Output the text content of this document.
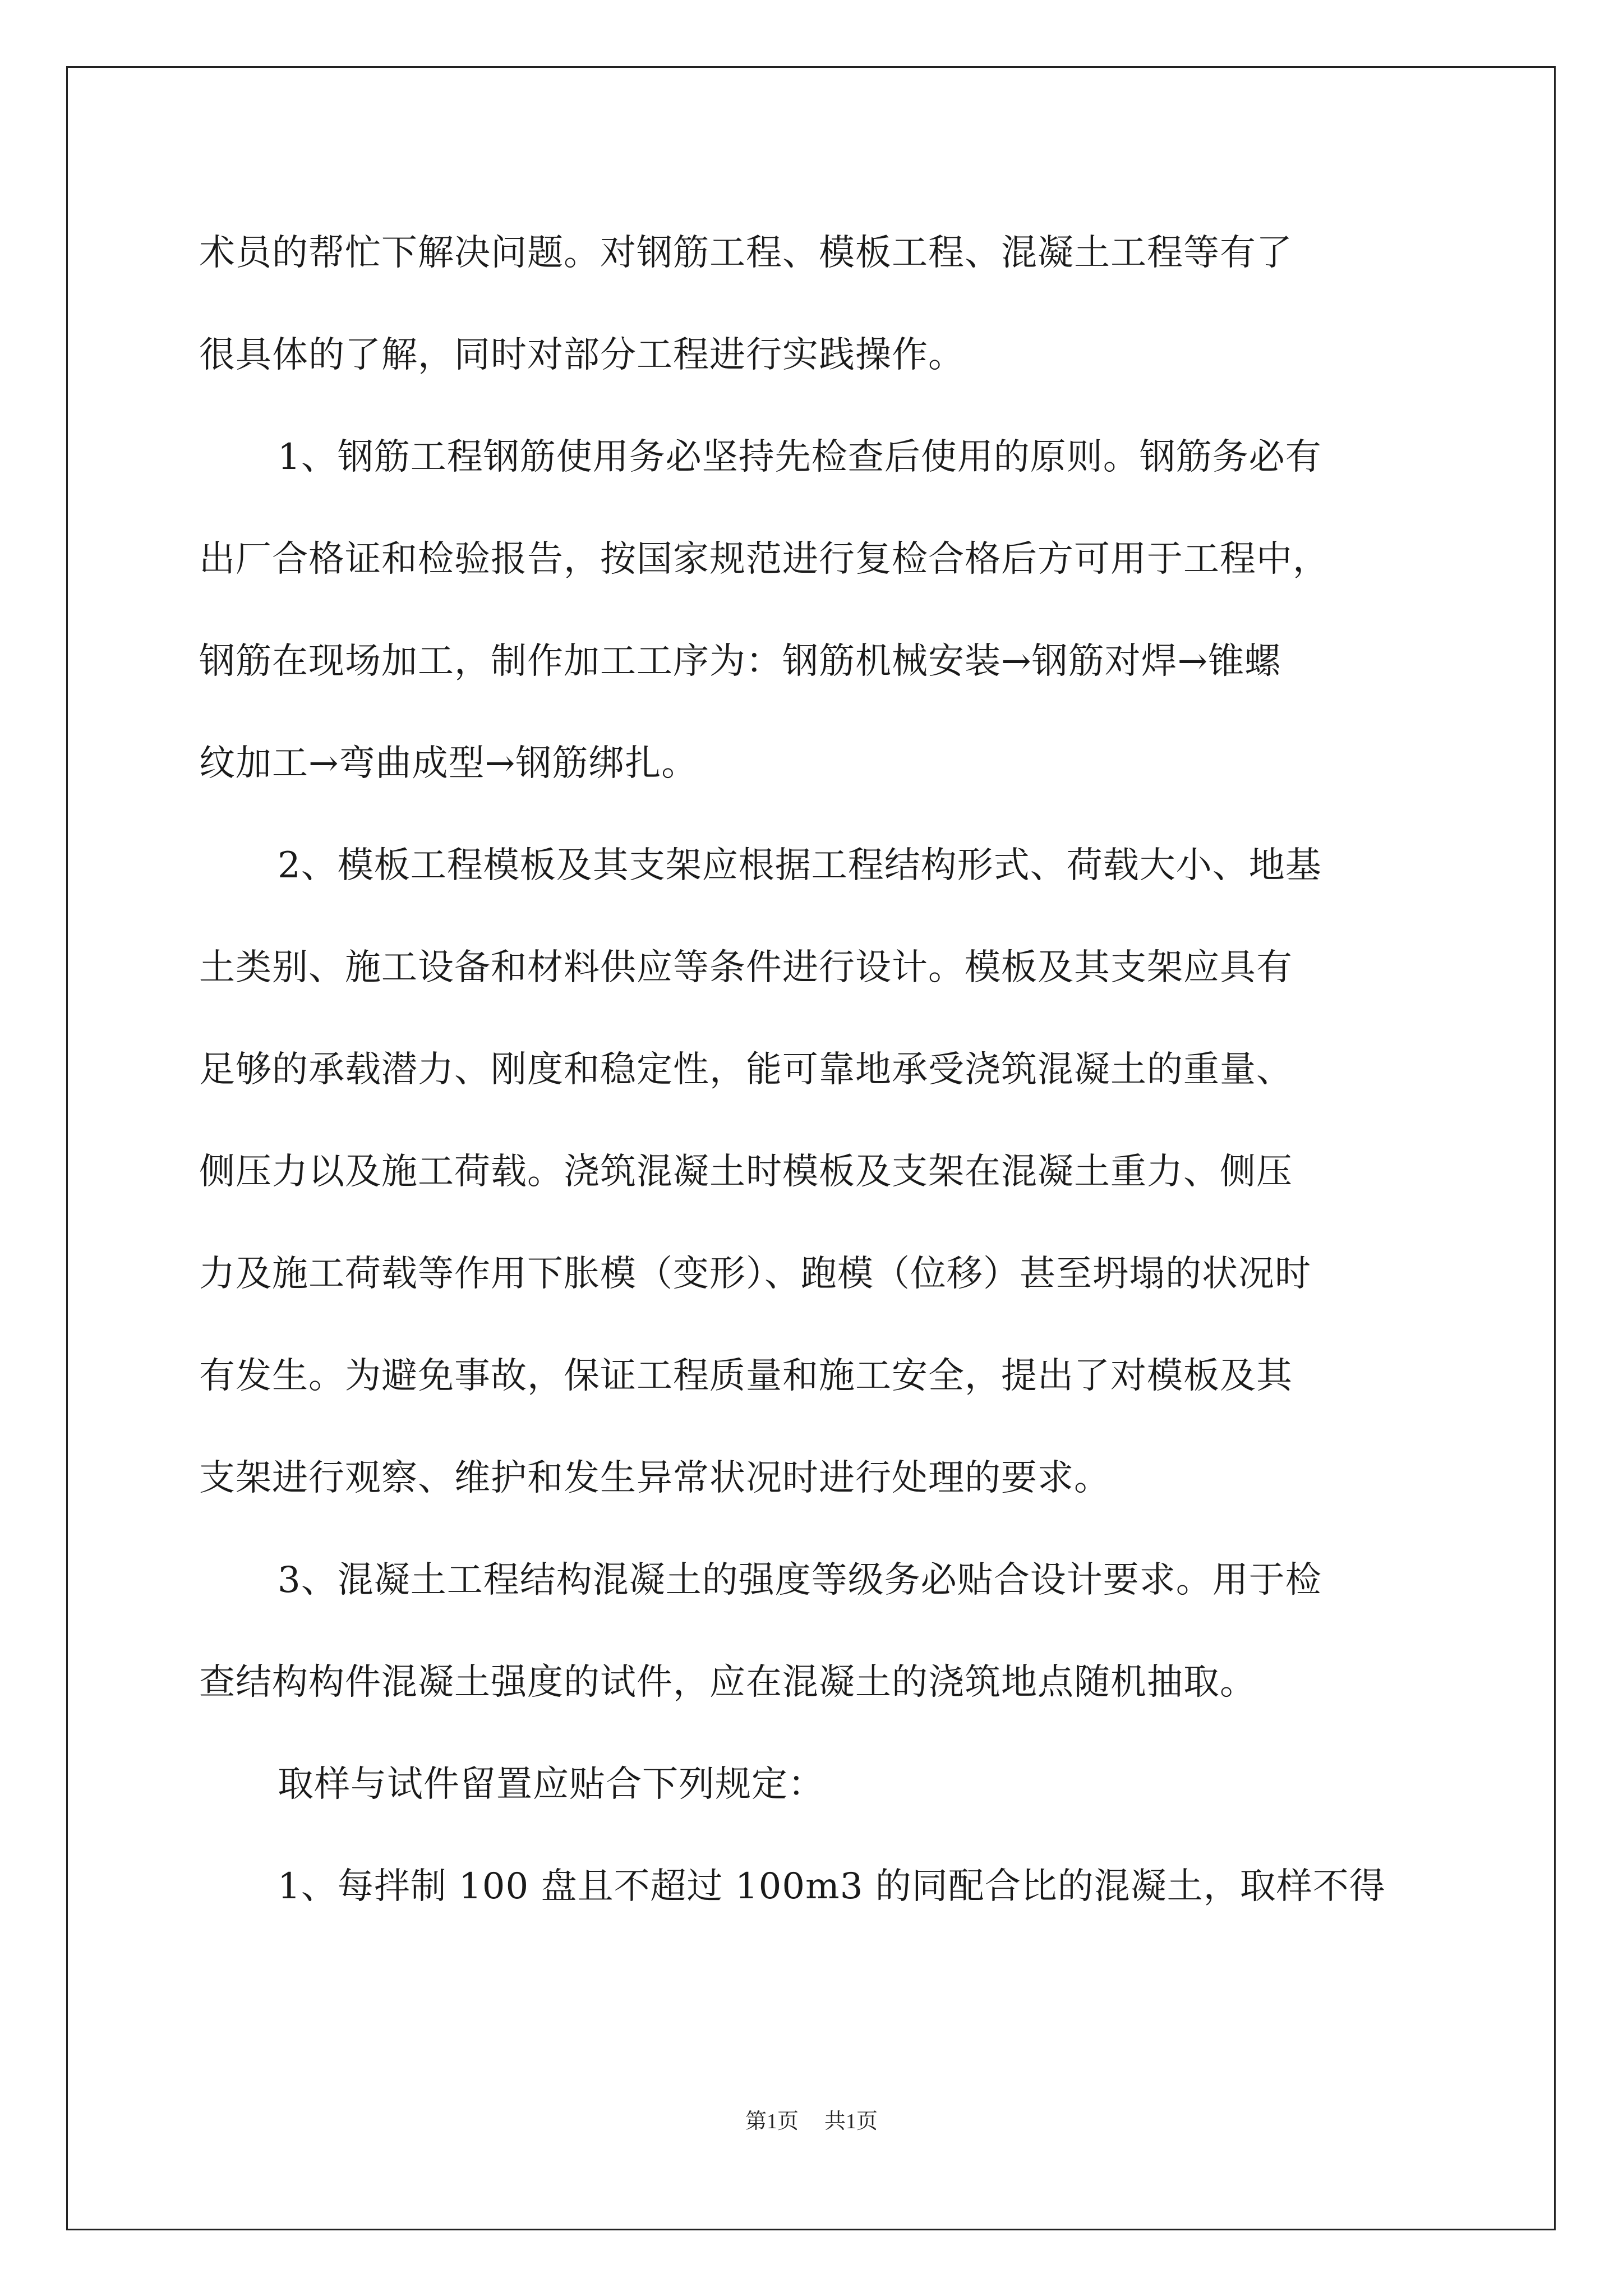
术员的帮忙下解决问题。对钢筋工程、模板工程、混凝土工程等有了
很具体的了解，同时对部分工程进行实践操作。
1、钢筋工程钢筋使用务必坚持先检查后使用的原则。钢筋务必有
出厂合格证和检验报告，按国家规范进行复检合格后方可用于工程中，
钢筋在现场加工，制作加工工序为：钢筋机械安装→钢筋对焊→锥螺
纹加工→弯曲成型→钢筋绑扎。
2、模板工程模板及其支架应根据工程结构形式、荷载大小、地基
土类别、施工设备和材料供应等条件进行设计。模板及其支架应具有
足够的承载潜力、刚度和稳定性，能可靠地承受浇筑混凝土的重量、
侧压力以及施工荷载。浇筑混凝土时模板及支架在混凝土重力、侧压
力及施工荷载等作用下胀模（变形）、跑模（位移）甚至坍塌的状况时
有发生。为避免事故，保证工程质量和施工安全，提出了对模板及其
支架进行观察、维护和发生异常状况时进行处理的要求。
3、混凝土工程结构混凝土的强度等级务必贴合设计要求。用于检
查结构构件混凝土强度的试件，应在混凝土的浇筑地点随机抽取。
取样与试件留置应贴合下列规定：
1、每拌制 100 盘且不超过 100m3 的同配合比的混凝土，取样不得
第1页 共1页
